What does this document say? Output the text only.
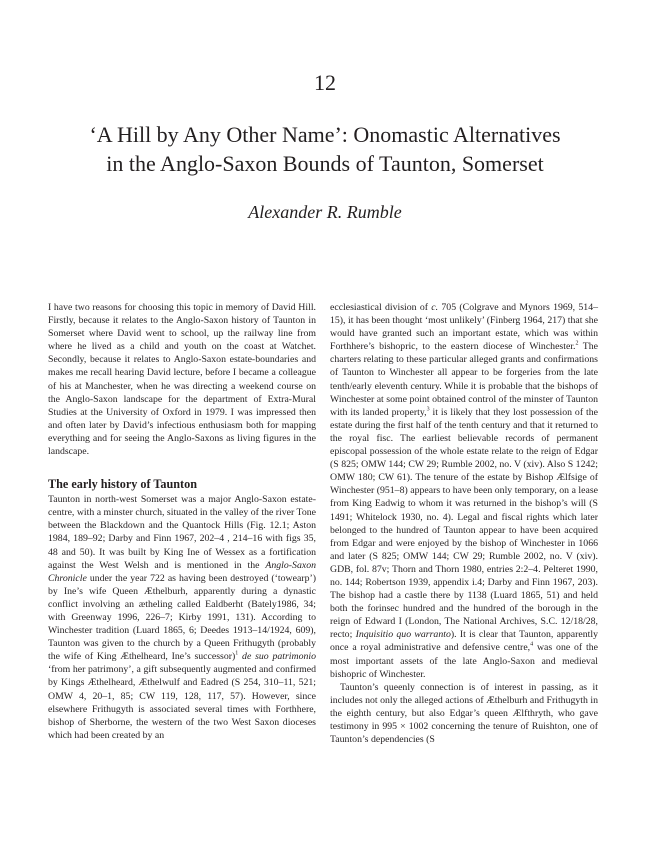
12
‘A Hill by Any Other Name’: Onomastic Alternatives
in the Anglo-Saxon Bounds of Taunton, Somerset
Alexander R. Rumble

I have two reasons for choosing this topic in memory of David Hill. Firstly, because it relates to the Anglo-Saxon history of Taunton in Somerset where David went to school, up the railway line from where he lived as a child and youth on the coast at Watchet. Secondly, because it relates to Anglo-Saxon estate-boundaries and makes me recall hearing David lecture, before I became a colleague of his at Manchester, when he was directing a weekend course on the Anglo-Saxon landscape for the department of Extra-Mural Studies at the University of Oxford in 1979. I was impressed then and often later by David’s infectious enthusiasm both for mapping everything and for seeing the Anglo-Saxons as living figures in the landscape.

The early history of Taunton

Taunton in north-west Somerset was a major Anglo-Saxon estate-centre, with a minster church, situated in the valley of the river Tone between the Blackdown and the Quantock Hills (Fig. 12.1; Aston 1984, 189–92; Darby and Finn 1967, 202–4 , 214–16 with figs 35, 48 and 50). It was built by King Ine of Wessex as a fortification against the West Welsh and is mentioned in the Anglo-Saxon Chronicle under the year 722 as having been destroyed (‘towearp’) by Ine’s wife Queen Æthelburh, apparently during a dynastic conflict involving an ætheling called Ealdberht (Bately1986, 34; with Greenway 1996, 226–7; Kirby 1991, 131). According to Winchester tradition (Luard 1865, 6; Deedes 1913–14/1924, 609), Taunton was given to the church by a Queen Frithugyth (probably the wife of King Æthelheard, Ine’s successor)$^1$ de suo patrimonio ‘from her patrimony’, a gift subsequently augmented and confirmed by Kings Æthelheard, Æthelwulf and Eadred (S 254, 310–11, 521; OMW 4, 20–1, 85; CW 119, 128, 117, 57). However, since elsewhere Frithugyth is associated several times with Forthhere, bishop of Sherborne, the western of the two West Saxon dioceses which had been created by an

ecclesiastical division of c. 705 (Colgrave and Mynors 1969, 514–15), it has been thought ‘most unlikely’ (Finberg 1964, 217) that she would have granted such an important estate, which was within Forthhere’s bishopric, to the eastern diocese of Winchester.$^2$ The charters relating to these particular alleged grants and confirmations of Taunton to Winchester all appear to be forgeries from the late tenth/early eleventh century. While it is probable that the bishops of Winchester at some point obtained control of the minster of Taunton with its landed property,$^3$ it is likely that they lost possession of the estate during the first half of the tenth century and that it returned to the royal fisc. The earliest believable records of permanent episcopal possession of the whole estate relate to the reign of Edgar (S 825; OMW 144; CW 29; Rumble 2002, no. V (xiv). Also S 1242; OMW 180; CW 61). The tenure of the estate by Bishop Ælfsige of Winchester (951–8) appears to have been only temporary, on a lease from King Eadwig to whom it was returned in the bishop’s will (S 1491; Whitelock 1930, no. 4). Legal and fiscal rights which later belonged to the hundred of Taunton appear to have been acquired from Edgar and were enjoyed by the bishop of Winchester in 1066 and later (S 825; OMW 144; CW 29; Rumble 2002, no. V (xiv). GDB, fol. 87v; Thorn and Thorn 1980, entries 2:2–4. Pelteret 1990, no. 144; Robertson 1939, appendix i.4; Darby and Finn 1967, 203). The bishop had a castle there by 1138 (Luard 1865, 51) and held both the forinsec hundred and the hundred of the borough in the reign of Edward I (London, The National Archives, S.C. 12/18/28, recto; Inquisitio quo warranto). It is clear that Taunton, apparently once a royal administrative and defensive centre,$^4$ was one of the most important assets of the late Anglo-Saxon and medieval bishopric of Winchester.

Taunton’s queenly connection is of interest in passing, as it includes not only the alleged actions of Æthelburh and Frithugyth in the eighth century, but also Edgar’s queen Ælfthryth, who gave testimony in 995 × 1002 concerning the tenure of Ruishton, one of Taunton’s dependencies (S
